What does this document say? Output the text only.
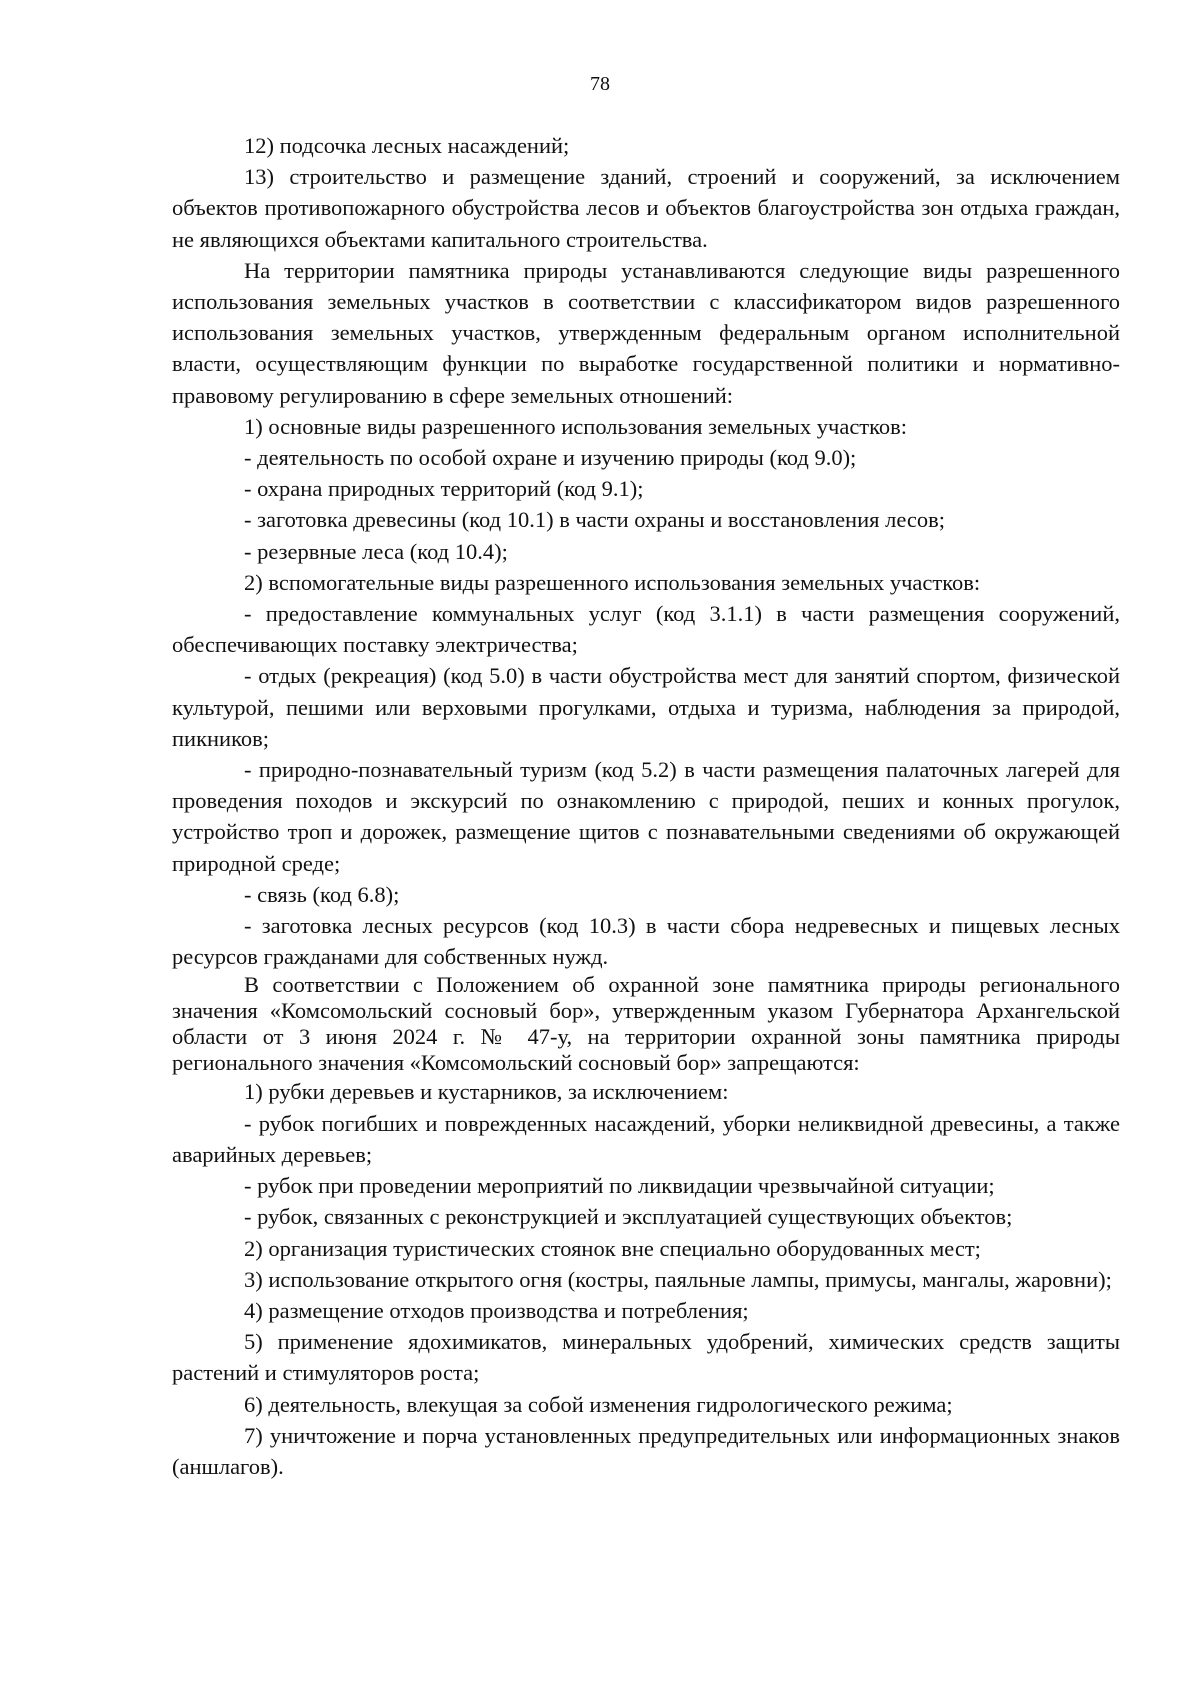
78

12) подсочка лесных насаждений;

13) строительство и размещение зданий, строений и сооружений, за исключением объектов противопожарного обустройства лесов и объектов благоустройства зон отдыха граждан, не являющихся объектами капитального строительства.

На территории памятника природы устанавливаются следующие виды разрешенного использования земельных участков в соответствии с классификатором видов разрешенного использования земельных участков, утвержденным федеральным органом исполнительной власти, осуществляющим функции по выработке государственной политики и нормативно-правовому регулированию в сфере земельных отношений:

1) основные виды разрешенного использования земельных участков:

- деятельность по особой охране и изучению природы (код 9.0);

- охрана природных территорий (код 9.1);

- заготовка древесины (код 10.1) в части охраны и восстановления лесов;

- резервные леса (код 10.4);

2) вспомогательные виды разрешенного использования земельных участков:

- предоставление коммунальных услуг (код 3.1.1) в части размещения сооружений, обеспечивающих поставку электричества;

- отдых (рекреация) (код 5.0) в части обустройства мест для занятий спортом, физической культурой, пешими или верховыми прогулками, отдыха и туризма, наблюдения за природой, пикников;

- природно-познавательный туризм (код 5.2) в части размещения палаточных лагерей для проведения походов и экскурсий по ознакомлению с природой, пеших и конных прогулок, устройство троп и дорожек, размещение щитов с познавательными сведениями об окружающей природной среде;

- связь (код 6.8);

- заготовка лесных ресурсов (код 10.3) в части сбора недревесных и пищевых лесных ресурсов гражданами для собственных нужд.

В соответствии с Положением об охранной зоне памятника природы регионального значения «Комсомольский сосновый бор», утвержденным указом Губернатора Архангельской области от 3 июня 2024 г. № 47-у, на территории охранной зоны памятника природы регионального значения «Комсомольский сосновый бор» запрещаются:

1) рубки деревьев и кустарников, за исключением:

- рубок погибших и поврежденных насаждений, уборки неликвидной древесины, а также аварийных деревьев;

- рубок при проведении мероприятий по ликвидации чрезвычайной ситуации;

- рубок, связанных с реконструкцией и эксплуатацией существующих объектов;

2) организация туристических стоянок вне специально оборудованных мест;

3) использование открытого огня (костры, паяльные лампы, примусы, мангалы, жаровни);

4) размещение отходов производства и потребления;

5) применение ядохимикатов, минеральных удобрений, химических средств защиты растений и стимуляторов роста;

6) деятельность, влекущая за собой изменения гидрологического режима;

7) уничтожение и порча установленных предупредительных или информационных знаков (аншлагов).
